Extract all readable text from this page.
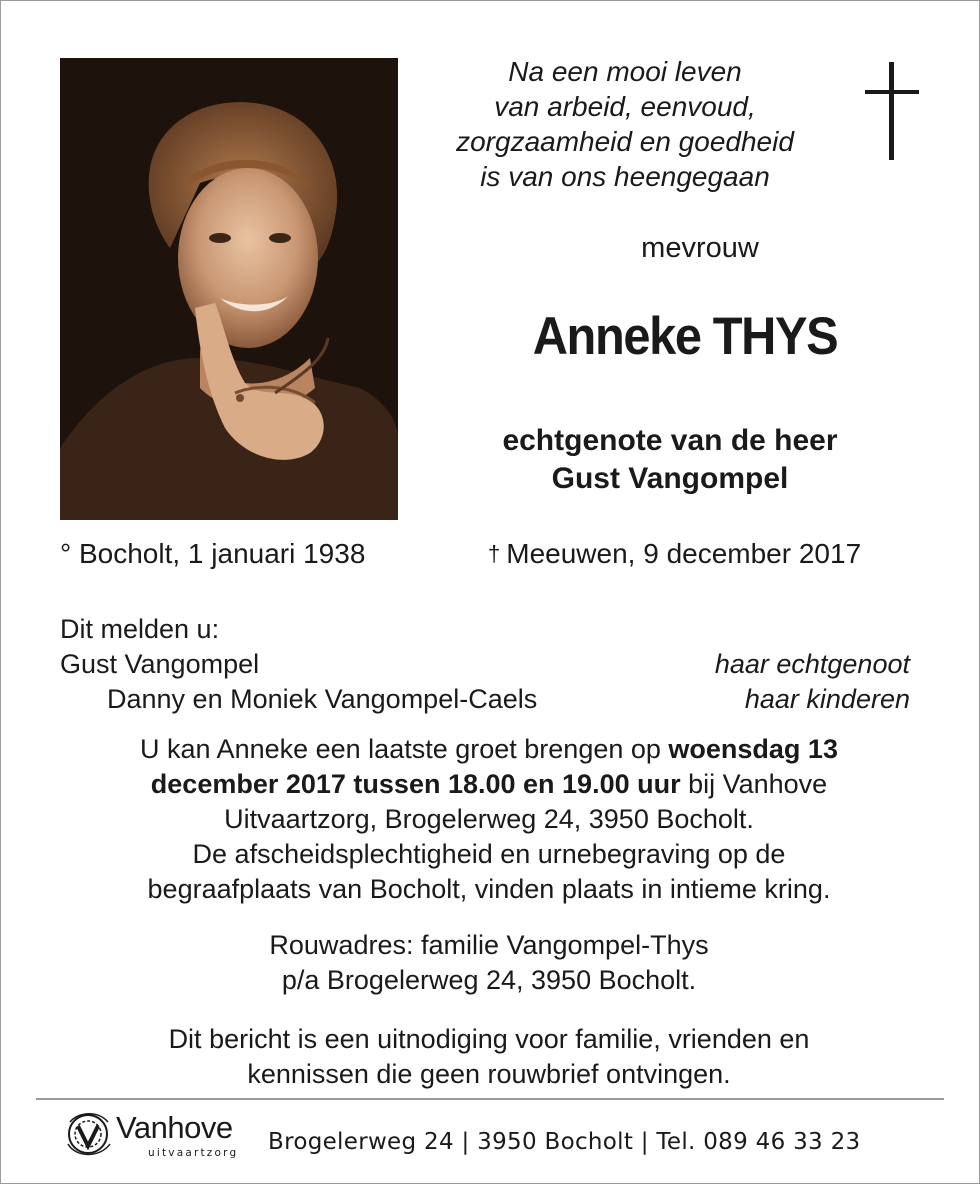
Na een mooi leven
van arbeid, eenvoud,
zorgzaamheid en goedheid
is van ons heengegaan
mevrouw
Anneke THYS
echtgenote van de heer
Gust Vangompel
° Bocholt, 1 januari 1938	† Meeuwen, 9 december 2017
Dit melden u:
Gust Vangompel	haar echtgenoot
Danny en Moniek Vangompel-Caels	haar kinderen
U kan Anneke een laatste groet brengen op woensdag 13
december 2017 tussen 18.00 en 19.00 uur bij Vanhove
Uitvaartzorg, Brogelerweg 24, 3950 Bocholt.
De afscheidsplechtigheid en urnebegraving op de
begraafplaats van Bocholt, vinden plaats in intieme kring.
Rouwadres: familie Vangompel-Thys
p/a Brogelerweg 24, 3950 Bocholt.
Dit bericht is een uitnodiging voor familie, vrienden en
kennissen die geen rouwbrief ontvingen.
Vanhove
uitvaartzorg Brogelerweg 24 | 3950 Bocholt | Tel. 089 46 33 23
